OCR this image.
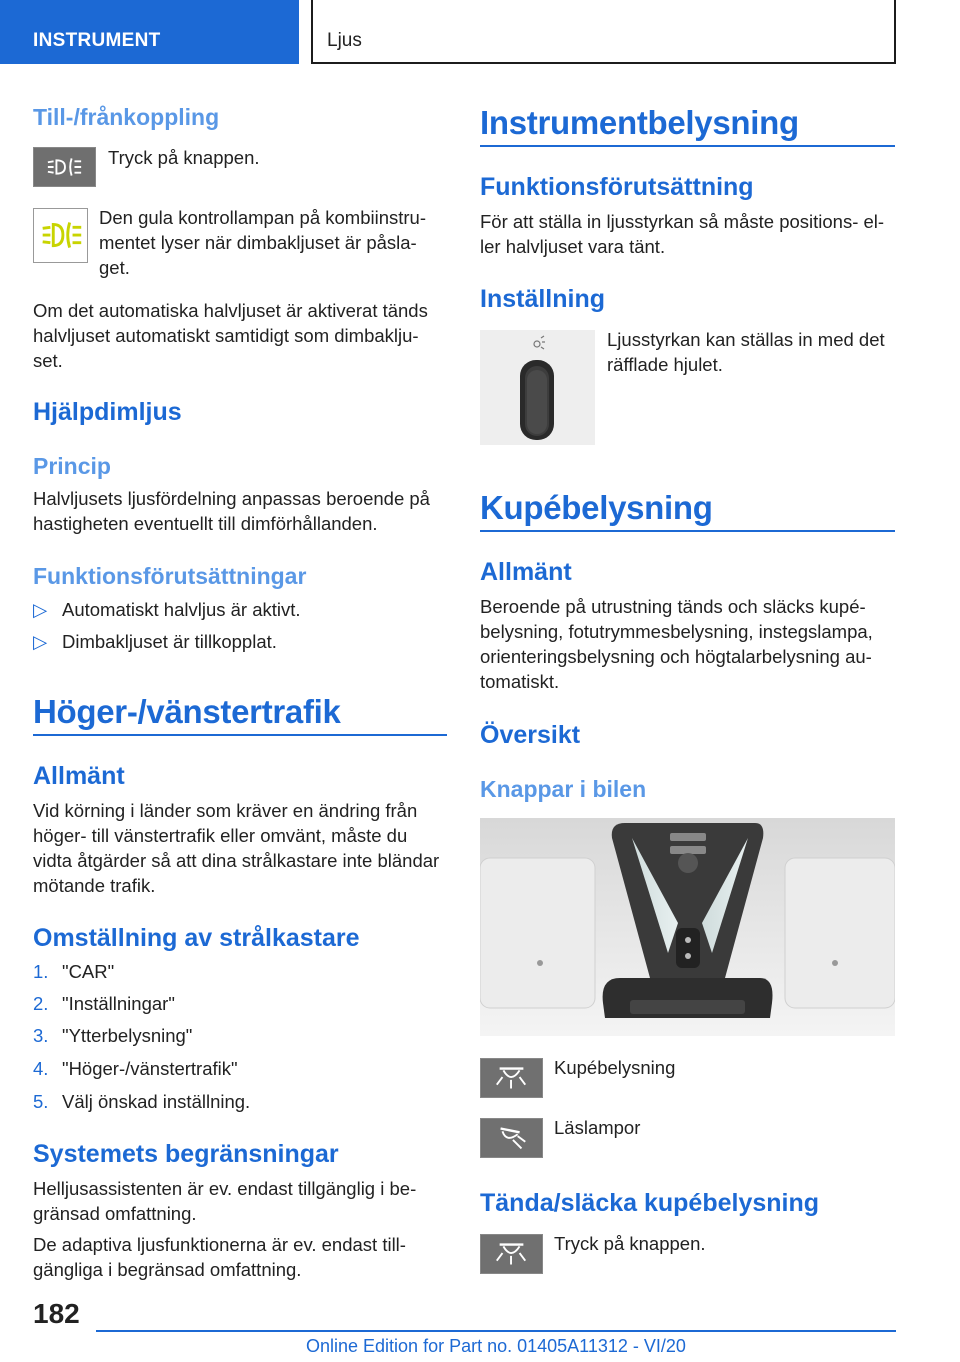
INSTRUMENT	Ljus
Till-/frånkoppling
Tryck på knappen.
Den gula kontrollampan på kombiinstru-
mentet lyser när dimbakljuset är påsla-
get.
Om det automatiska halvljuset är aktiverat tänds
halvljuset automatiskt samtidigt som dimbaklju-
set.
Hjälpdimljus
Princip
Halvljusets ljusfördelning anpassas beroende på
hastigheten eventuellt till dimförhållanden.
Funktionsförutsättningar
▷ Automatiskt halvljus är aktivt.
▷ Dimbakljuset är tillkopplat.
Höger-/vänstertrafik
Allmänt
Vid körning i länder som kräver en ändring från
höger- till vänstertrafik eller omvänt, måste du
vidta åtgärder så att dina strålkastare inte bländar
mötande trafik.
Omställning av strålkastare
1. "CAR"
2. "Inställningar"
3. "Ytterbelysning"
4. "Höger-/vänstertrafik"
5. Välj önskad inställning.
Systemets begränsningar
Helljusassistenten är ev. endast tillgänglig i be-
gränsad omfattning.
De adaptiva ljusfunktionerna är ev. endast till-
gängliga i begränsad omfattning.
Instrumentbelysning
Funktionsförutsättning
För att ställa in ljusstyrkan så måste positions- el-
ler halvljuset vara tänt.
Inställning
Ljusstyrkan kan ställas in med det
räfflade hjulet.
Kupébelysning
Allmänt
Beroende på utrustning tänds och släcks kupé-
belysning, fotutrymmesbelysning, instegslampa,
orienteringsbelysning och högtalarbelysning au-
tomatiskt.
Översikt
Knappar i bilen
Kupébelysning
Läslampor
Tända/släcka kupébelysning
Tryck på knappen.
182
Online Edition for Part no. 01405A11312 - VI/20
